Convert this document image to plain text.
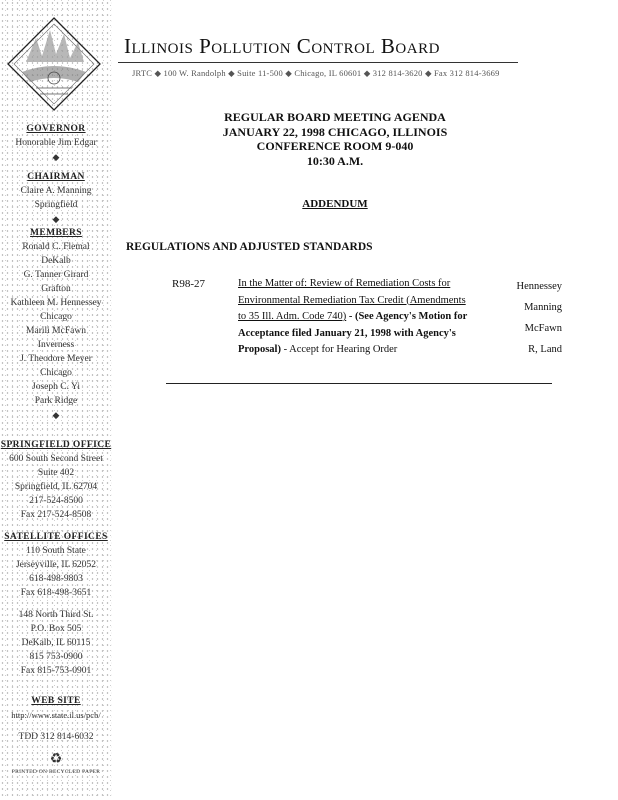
GOVERNOR
Honorable Jim Edgar
◆
CHAIRMAN
Claire A. Manning
Springfield
◆
MEMBERS
Ronald C. Flemal
DeKalb
G. Tanner Girard
Grafton
Kathleen M. Hennessey
Chicago
Marili McFawn
Inverness
J. Theodore Meyer
Chicago
Joseph C. Yi
Park Ridge
◆
SPRINGFIELD OFFICE
600 South Second Street
Suite 402
Springfield, IL 62704
217-524-8500
Fax 217-524-8508
SATELLITE OFFICES
110 South State
Jerseyville, IL 62052
618-498-9803
Fax 618-498-3651
148 North Third St.
P.O. Box 505
DeKalb, IL 60115
815 753-0900
Fax 815-753-0901
WEB SITE
http://www.state.il.us/pcb/
TDD 312 814-6032
♻
PRINTED ON RECYCLED PAPER
Illinois Pollution Control Board
JRTC ◆ 100 W. Randolph ◆ Suite 11-500 ◆ Chicago, IL 60601 ◆ 312 814-3620 ◆ Fax 312 814-3669
REGULAR BOARD MEETING AGENDA
JANUARY 22, 1998 CHICAGO, ILLINOIS
CONFERENCE ROOM 9-040
10:30 A.M.
ADDENDUM
REGULATIONS AND ADJUSTED STANDARDS
R98-27	In the Matter of: Review of Remediation Costs for Environmental Remediation Tax Credit (Amendments to 35 Ill. Adm. Code 740) - (See Agency's Motion for Acceptance filed January 21, 1998 with Agency's Proposal) - Accept for Hearing Order
Hennessey
Manning
McFawn
R, Land
